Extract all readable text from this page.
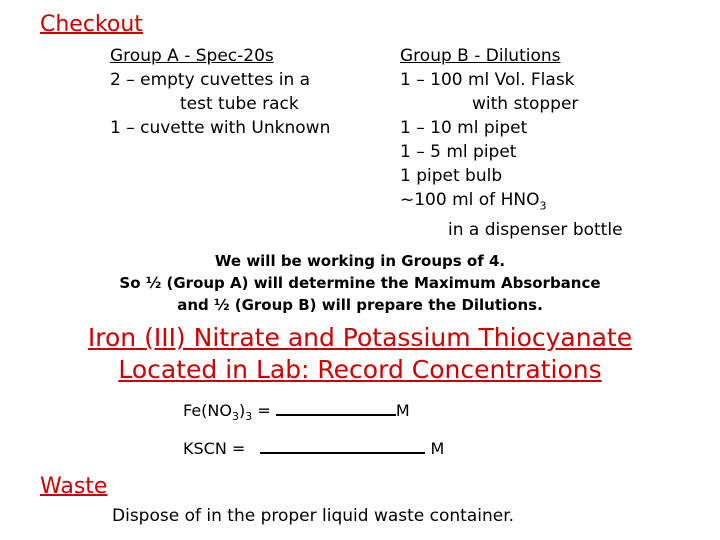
Checkout
Group A - Spec-20s
2 – empty cuvettes in a
test tube rack
1 – cuvette with Unknown
Group B - Dilutions
1 – 100 ml Vol. Flask
with stopper
1 – 10 ml pipet
1 – 5 ml pipet
1 pipet bulb
~100 ml of $HNO_3$
in a dispenser bottle
We will be working in Groups of 4.
So ½ (Group A) will determine the Maximum Absorbance
and ½ (Group B) will prepare the Dilutions.
Iron (III) Nitrate and Potassium Thiocyanate
Located in Lab: Record Concentrations
$Fe(NO_3)_3$ =	M
KSCN =	M
Waste
Dispose of in the proper liquid waste container.
